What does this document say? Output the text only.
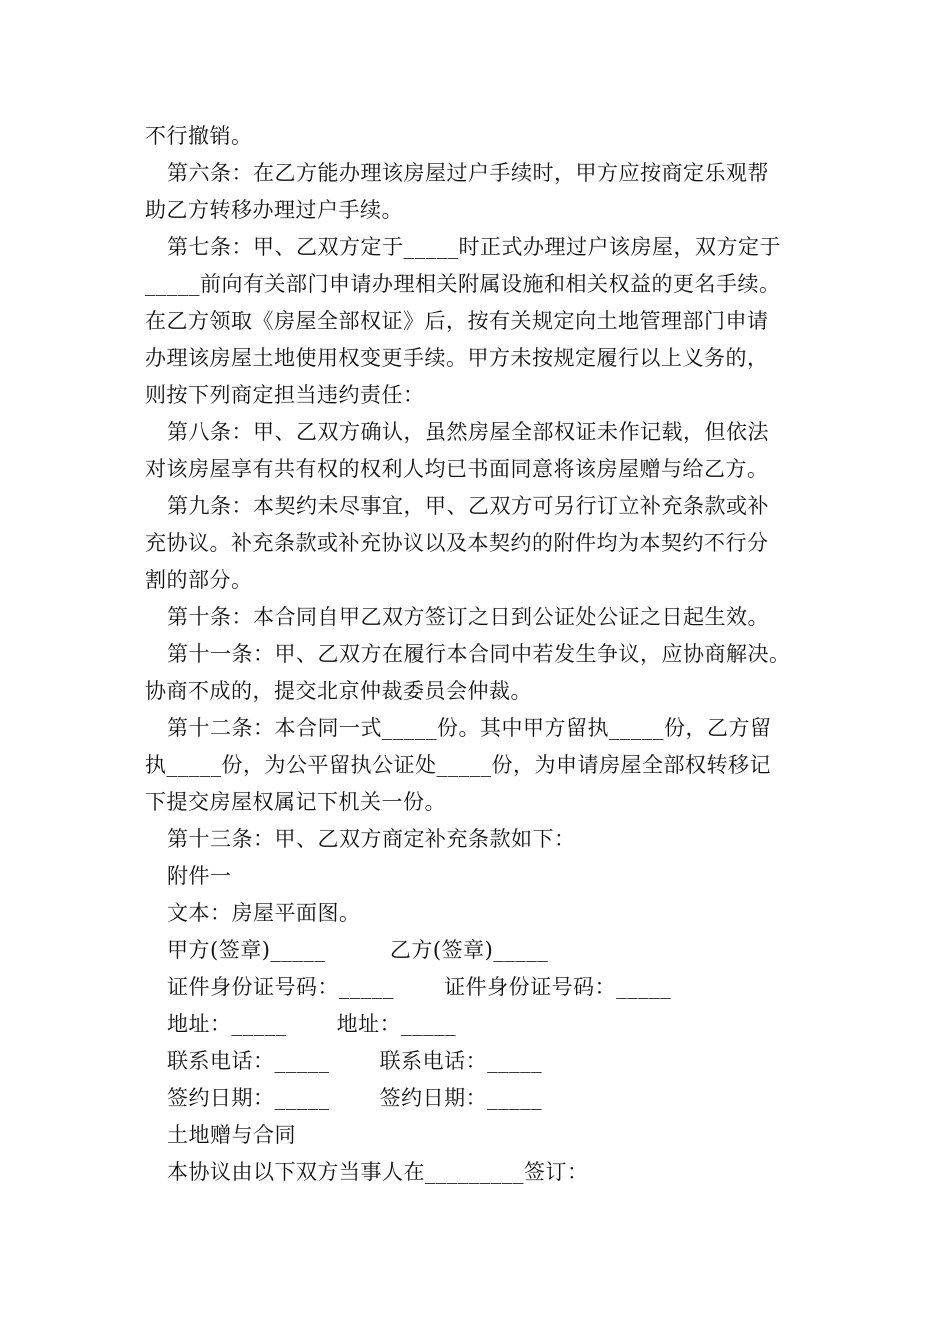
不行撤销。
第六条：在乙方能办理该房屋过户手续时，甲方应按商定乐观帮
助乙方转移办理过户手续。
第七条：甲、乙双方定于_____时正式办理过户该房屋，双方定于
_____前向有关部门申请办理相关附属设施和相关权益的更名手续。
在乙方领取《房屋全部权证》后，按有关规定向土地管理部门申请
办理该房屋土地使用权变更手续。甲方未按规定履行以上义务的，
则按下列商定担当违约责任：
第八条：甲、乙双方确认，虽然房屋全部权证未作记载，但依法
对该房屋享有共有权的权利人均已书面同意将该房屋赠与给乙方。
第九条：本契约未尽事宜，甲、乙双方可另行订立补充条款或补
充协议。补充条款或补充协议以及本契约的附件均为本契约不行分
割的部分。
第十条：本合同自甲乙双方签订之日到公证处公证之日起生效。
第十一条：甲、乙双方在履行本合同中若发生争议，应协商解决。
协商不成的，提交北京仲裁委员会仲裁。
第十二条：本合同一式_____份。其中甲方留执_____份，乙方留
执_____份，为公平留执公证处_____份，为申请房屋全部权转移记
下提交房屋权属记下机关一份。
第十三条：甲、乙双方商定补充条款如下：
附件一
文本：房屋平面图。
甲方(签章)_____　　　乙方(签章)_____
证件身份证号码：_____　　 证件身份证号码：_____
地址：_____　　 地址：_____
联系电话：_____　　 联系电话：_____
签约日期：_____　　 签约日期：_____
土地赠与合同
本协议由以下双方当事人在_________签订：
